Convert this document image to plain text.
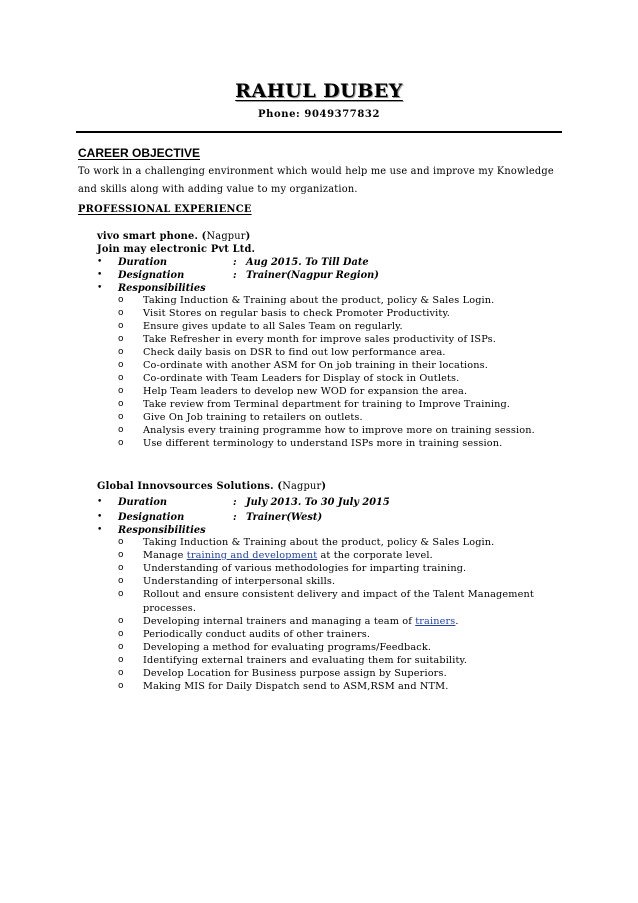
RAHUL DUBEY
Phone: 9049377832
CAREER OBJECTIVE
To work in a challenging environment which would help me use and improve my Knowledge
and skills along with adding value to my organization.
PROFESSIONAL EXPERIENCE
vivo smart phone. (Nagpur)
Join may electronic Pvt Ltd.
• Duration	: Aug 2015. To Till Date
• Designation	: Trainer(Nagpur Region)
• Responsibilities
o Taking Induction & Training about the product, policy & Sales Login.
o Visit Stores on regular basis to check Promoter Productivity.
o Ensure gives update to all Sales Team on regularly.
o Take Refresher in every month for improve sales productivity of ISPs.
o Check daily basis on DSR to find out low performance area.
o Co-ordinate with another ASM for On job training in their locations.
o Co-ordinate with Team Leaders for Display of stock in Outlets.
o Help Team leaders to develop new WOD for expansion the area.
o Take review from Terminal department for training to Improve Training.
o Give On Job training to retailers on outlets.
o Analysis every training programme how to improve more on training session.
o Use different terminology to understand ISPs more in training session.
Global Innovsources Solutions. (Nagpur)
• Duration	: July 2013. To 30 July 2015
• Designation	: Trainer(West)
• Responsibilities
o Taking Induction & Training about the product, policy & Sales Login.
o Manage training and development at the corporate level.
o Understanding of various methodologies for imparting training.
o Understanding of interpersonal skills.
o Rollout and ensure consistent delivery and impact of the Talent Management processes.
o Developing internal trainers and managing a team of trainers.
o Periodically conduct audits of other trainers.
o Developing a method for evaluating programs/Feedback.
o Identifying external trainers and evaluating them for suitability.
o Develop Location for Business purpose assign by Superiors.
o Making MIS for Daily Dispatch send to ASM,RSM and NTM.
